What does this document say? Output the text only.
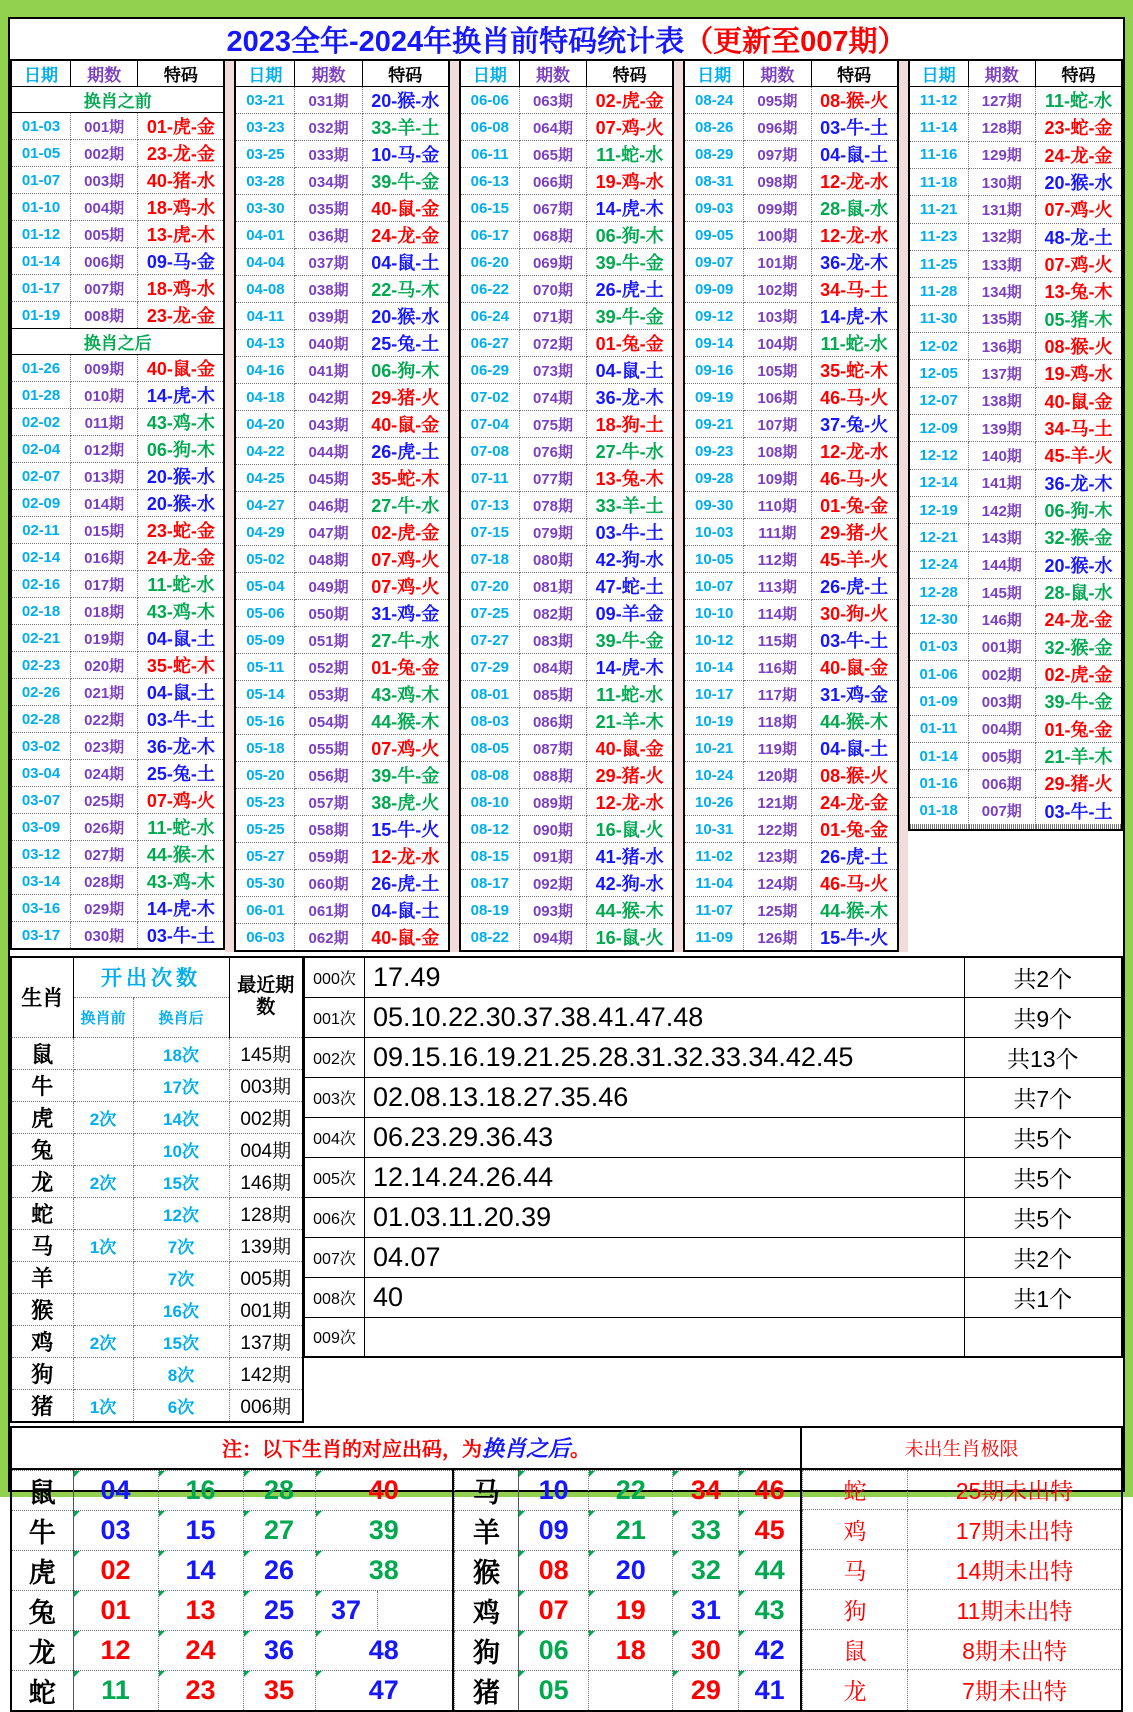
2023全年-2024年换肖前特码统计表 （更新至007期）
日期	期数	特码
换肖之前		
01-03	001期	01-虎-金
01-05	002期	23-龙-金
01-07	003期	40-猪-水
01-10	004期	18-鸡-水
01-12	005期	13-虎-木
01-14	006期	09-马-金
01-17	007期	18-鸡-水
01-19	008期	23-龙-金
换肖之后		
01-26	009期	40-鼠-金
01-28	010期	14-虎-木
02-02	011期	43-鸡-木
02-04	012期	06-狗-木
02-07	013期	20-猴-水
02-09	014期	20-猴-水
02-11	015期	23-蛇-金
02-14	016期	24-龙-金
02-16	017期	11-蛇-水
02-18	018期	43-鸡-木
02-21	019期	04-鼠-土
02-23	020期	35-蛇-木
02-26	021期	04-鼠-土
02-28	022期	03-牛-土
03-02	023期	36-龙-木
03-04	024期	25-兔-土
03-07	025期	07-鸡-火
03-09	026期	11-蛇-水
03-12	027期	44-猴-木
03-14	028期	43-鸡-木
03-16	029期	14-虎-木
03-17	030期	03-牛-土
日期	期数	特码
03-21	031期	20-猴-水
03-23	032期	33-羊-土
03-25	033期	10-马-金
03-28	034期	39-牛-金
03-30	035期	40-鼠-金
04-01	036期	24-龙-金
04-04	037期	04-鼠-土
04-08	038期	22-马-木
04-11	039期	20-猴-水
04-13	040期	25-兔-土
04-16	041期	06-狗-木
04-18	042期	29-猪-火
04-20	043期	40-鼠-金
04-22	044期	26-虎-土
04-25	045期	35-蛇-木
04-27	046期	27-牛-水
04-29	047期	02-虎-金
05-02	048期	07-鸡-火
05-04	049期	07-鸡-火
05-06	050期	31-鸡-金
05-09	051期	27-牛-水
05-11	052期	01-兔-金
05-14	053期	43-鸡-木
05-16	054期	44-猴-木
05-18	055期	07-鸡-火
05-20	056期	39-牛-金
05-23	057期	38-虎-火
05-25	058期	15-牛-火
05-27	059期	12-龙-水
05-30	060期	26-虎-土
06-01	061期	04-鼠-土
06-03	062期	40-鼠-金
日期	期数	特码
06-06	063期	02-虎-金
06-08	064期	07-鸡-火
06-11	065期	11-蛇-水
06-13	066期	19-鸡-水
06-15	067期	14-虎-木
06-17	068期	06-狗-木
06-20	069期	39-牛-金
06-22	070期	26-虎-土
06-24	071期	39-牛-金
06-27	072期	01-兔-金
06-29	073期	04-鼠-土
07-02	074期	36-龙-木
07-04	075期	18-狗-土
07-08	076期	27-牛-水
07-11	077期	13-兔-木
07-13	078期	33-羊-土
07-15	079期	03-牛-土
07-18	080期	42-狗-水
07-20	081期	47-蛇-土
07-25	082期	09-羊-金
07-27	083期	39-牛-金
07-29	084期	14-虎-木
08-01	085期	11-蛇-水
08-03	086期	21-羊-木
08-05	087期	40-鼠-金
08-08	088期	29-猪-火
08-10	089期	12-龙-水
08-12	090期	16-鼠-火
08-15	091期	41-猪-水
08-17	092期	42-狗-水
08-19	093期	44-猴-木
08-22	094期	16-鼠-火
日期	期数	特码
08-24	095期	08-猴-火
08-26	096期	03-牛-土
08-29	097期	04-鼠-土
08-31	098期	12-龙-水
09-03	099期	28-鼠-水
09-05	100期	12-龙-水
09-07	101期	36-龙-木
09-09	102期	34-马-土
09-12	103期	14-虎-木
09-14	104期	11-蛇-水
09-16	105期	35-蛇-木
09-19	106期	46-马-火
09-21	107期	37-兔-火
09-23	108期	12-龙-水
09-28	109期	46-马-火
09-30	110期	01-兔-金
10-03	111期	29-猪-火
10-05	112期	45-羊-火
10-07	113期	26-虎-土
10-10	114期	30-狗-火
10-12	115期	03-牛-土
10-14	116期	40-鼠-金
10-17	117期	31-鸡-金
10-19	118期	44-猴-木
10-21	119期	04-鼠-土
10-24	120期	08-猴-火
10-26	121期	24-龙-金
10-31	122期	01-兔-金
11-02	123期	26-虎-土
11-04	124期	46-马-火
11-07	125期	44-猴-木
11-09	126期	15-牛-火
日期	期数	特码
11-12	127期	11-蛇-水
11-14	128期	23-蛇-金
11-16	129期	24-龙-金
11-18	130期	20-猴-水
11-21	131期	07-鸡-火
11-23	132期	48-龙-土
11-25	133期	07-鸡-火
11-28	134期	13-兔-木
11-30	135期	05-猪-木
12-02	136期	08-猴-火
12-05	137期	19-鸡-水
12-07	138期	40-鼠-金
12-09	139期	34-马-土
12-12	140期	45-羊-火
12-14	141期	36-龙-木
12-19	142期	06-狗-木
12-21	143期	32-猴-金
12-24	144期	20-猴-水
12-28	145期	28-鼠-水
12-30	146期	24-龙-金
01-03	001期	32-猴-金
01-06	002期	02-虎-金
01-09	003期	39-牛-金
01-11	004期	01-兔-金
01-14	005期	21-羊-木
01-16	006期	29-猪-火
01-18	007期	03-牛-土

生肖	开出次数		最近期数
	换肖前	换肖后	
鼠		18次	145期
牛		17次	003期
虎	2次	14次	002期
兔		10次	004期
龙	2次	15次	146期
蛇		12次	128期
马	1次	7次	139期
羊		7次	005期
猴		16次	001期
鸡	2次	15次	137期
狗		8次	142期
猪	1次	6次	006期
000次	17.49	共2个
001次	05.10.22.30.37.38.41.47.48	共9个
002次	09.15.16.19.21.25.28.31.32.33.34.42.45	共13个
003次	02.08.13.18.27.35.46	共7个
004次	06.23.29.36.43	共5个
005次	12.14.24.26.44	共5个
006次	01.03.11.20.39	共5个
007次	04.07	共2个
008次	40	共1个
009次		
注：以下生肖的对应出码，为 换肖之后 。
鼠	04	16	28	40	
牛	03	15	27	39	
虎	02	14	26	38	
兔	01	13	25	37	
龙	12	24	36	48	
蛇	11	23	35	47	
马	10	22	34	46
羊	09	21	33	45
猴	08	20	32	44
鸡	07	19	31	43
狗	06	18	30	42
猪	05		29	41
未出生肖极限
蛇	25期未出特
鸡	17期未出特
马	14期未出特
狗	11期未出特
鼠	8期未出特
龙	7期未出特
